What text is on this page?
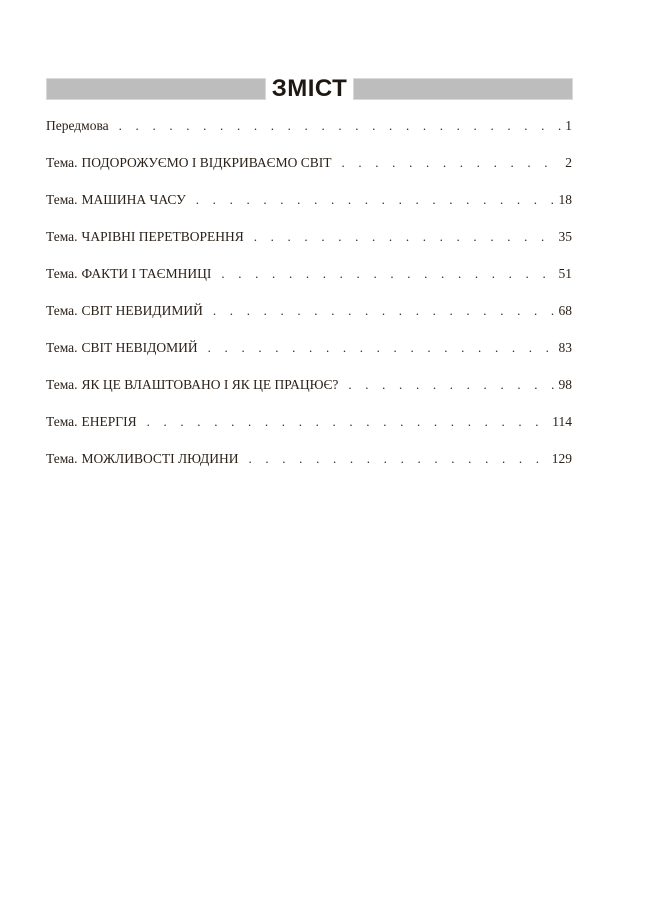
ЗМІСТ
Передмова . . .	1
Тема. ПОДОРОЖУЄМО І ВІДКРИВАЄМО СВІТ . . .	2
Тема. МАШИНА ЧАСУ . . .	18
Тема. ЧАРІВНІ ПЕРЕТВОРЕННЯ . . .	35
Тема. ФАКТИ І ТАЄМНИЦІ . . .	51
Тема. СВІТ НЕВИДИМИЙ . . .	68
Тема. СВІТ НЕВІДОМИЙ . . .	83
Тема. ЯК ЦЕ ВЛАШТОВАНО І ЯК ЦЕ ПРАЦЮЄ? . . .	98
Тема. ЕНЕРГІЯ . . .	114
Тема. МОЖЛИВОСТІ ЛЮДИНИ . . .	129
